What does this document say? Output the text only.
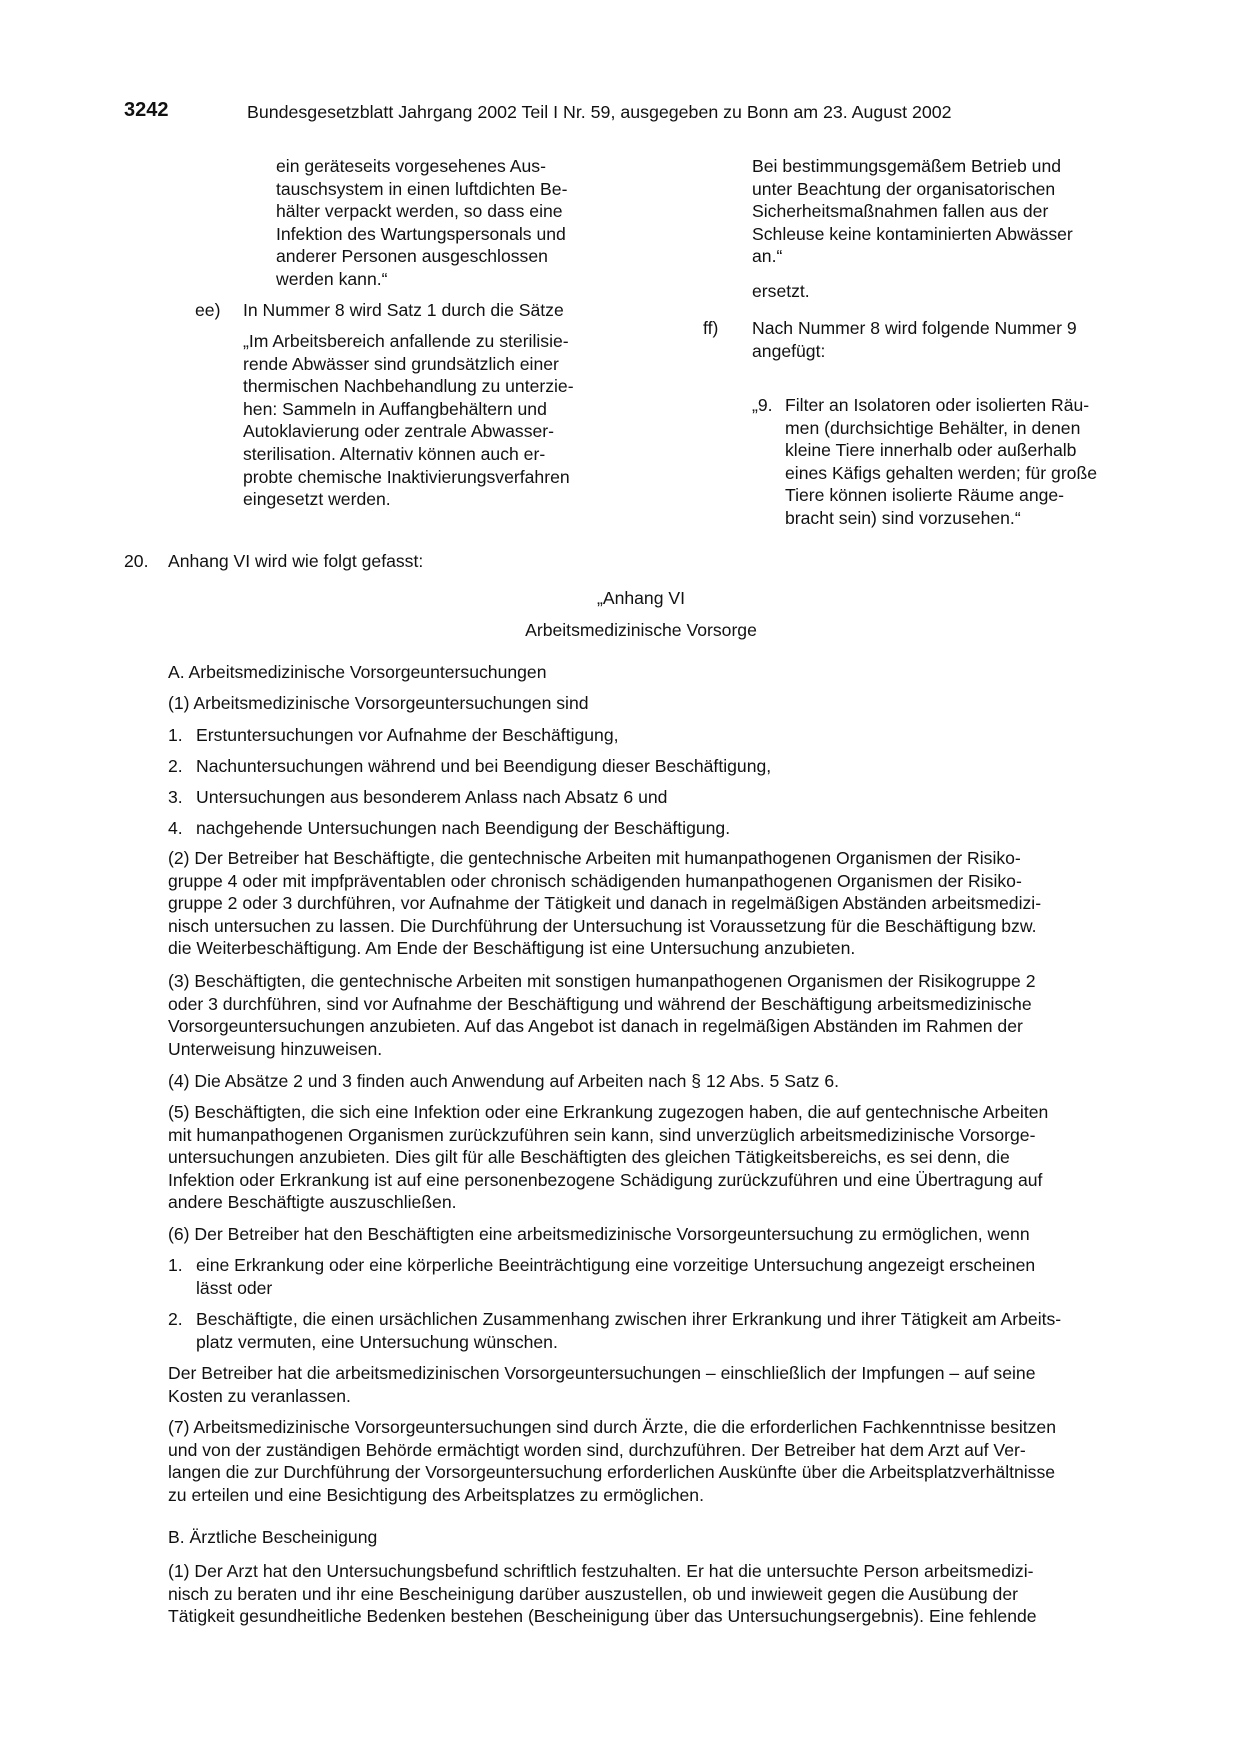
3242	Bundesgesetzblatt Jahrgang 2002 Teil I Nr. 59, ausgegeben zu Bonn am 23. August 2002
ein geräteseits vorgesehenes Aus-
tauschsystem in einen luftdichten Be-
hälter verpackt werden, so dass eine
Infektion des Wartungspersonals und
anderer Personen ausgeschlossen
werden kann.“
ee) In Nummer 8 wird Satz 1 durch die Sätze
„Im Arbeitsbereich anfallende zu sterilisie-
rende Abwässer sind grundsätzlich einer
thermischen Nachbehandlung zu unterzie-
hen: Sammeln in Auffangbehältern und
Autoklavierung oder zentrale Abwasser-
sterilisation. Alternativ können auch er-
probte chemische Inaktivierungsverfahren
eingesetzt werden.
Bei bestimmungsgemäßem Betrieb und
unter Beachtung der organisatorischen
Sicherheitsmaßnahmen fallen aus der
Schleuse keine kontaminierten Abwässer
an.“
ersetzt.
ff) Nach Nummer 8 wird folgende Nummer 9
angefügt:
„9. Filter an Isolatoren oder isolierten Räu-
men (durchsichtige Behälter, in denen
kleine Tiere innerhalb oder außerhalb
eines Käfigs gehalten werden; für große
Tiere können isolierte Räume ange-
bracht sein) sind vorzusehen.“
20. Anhang VI wird wie folgt gefasst:
„Anhang VI
Arbeitsmedizinische Vorsorge
A. Arbeitsmedizinische Vorsorgeuntersuchungen
(1) Arbeitsmedizinische Vorsorgeuntersuchungen sind
1. Erstuntersuchungen vor Aufnahme der Beschäftigung,
2. Nachuntersuchungen während und bei Beendigung dieser Beschäftigung,
3. Untersuchungen aus besonderem Anlass nach Absatz 6 und
4. nachgehende Untersuchungen nach Beendigung der Beschäftigung.
(2) Der Betreiber hat Beschäftigte, die gentechnische Arbeiten mit humanpathogenen Organismen der Risiko-
gruppe 4 oder mit impfpräventablen oder chronisch schädigenden humanpathogenen Organismen der Risiko-
gruppe 2 oder 3 durchführen, vor Aufnahme der Tätigkeit und danach in regelmäßigen Abständen arbeitsmedizi-
nisch untersuchen zu lassen. Die Durchführung der Untersuchung ist Voraussetzung für die Beschäftigung bzw.
die Weiterbeschäftigung. Am Ende der Beschäftigung ist eine Untersuchung anzubieten.
(3) Beschäftigten, die gentechnische Arbeiten mit sonstigen humanpathogenen Organismen der Risikogruppe 2
oder 3 durchführen, sind vor Aufnahme der Beschäftigung und während der Beschäftigung arbeitsmedizinische
Vorsorgeuntersuchungen anzubieten. Auf das Angebot ist danach in regelmäßigen Abständen im Rahmen der
Unterweisung hinzuweisen.
(4) Die Absätze 2 und 3 finden auch Anwendung auf Arbeiten nach § 12 Abs. 5 Satz 6.
(5) Beschäftigten, die sich eine Infektion oder eine Erkrankung zugezogen haben, die auf gentechnische Arbeiten
mit humanpathogenen Organismen zurückzuführen sein kann, sind unverzüglich arbeitsmedizinische Vorsorge-
untersuchungen anzubieten. Dies gilt für alle Beschäftigten des gleichen Tätigkeitsbereichs, es sei denn, die
Infektion oder Erkrankung ist auf eine personenbezogene Schädigung zurückzuführen und eine Übertragung auf
andere Beschäftigte auszuschließen.
(6) Der Betreiber hat den Beschäftigten eine arbeitsmedizinische Vorsorgeuntersuchung zu ermöglichen, wenn
1. eine Erkrankung oder eine körperliche Beeinträchtigung eine vorzeitige Untersuchung angezeigt erscheinen
lässt oder
2. Beschäftigte, die einen ursächlichen Zusammenhang zwischen ihrer Erkrankung und ihrer Tätigkeit am Arbeits-
platz vermuten, eine Untersuchung wünschen.
Der Betreiber hat die arbeitsmedizinischen Vorsorgeuntersuchungen – einschließlich der Impfungen – auf seine
Kosten zu veranlassen.
(7) Arbeitsmedizinische Vorsorgeuntersuchungen sind durch Ärzte, die die erforderlichen Fachkenntnisse besitzen
und von der zuständigen Behörde ermächtigt worden sind, durchzuführen. Der Betreiber hat dem Arzt auf Ver-
langen die zur Durchführung der Vorsorgeuntersuchung erforderlichen Auskünfte über die Arbeitsplatzverhältnisse
zu erteilen und eine Besichtigung des Arbeitsplatzes zu ermöglichen.
B. Ärztliche Bescheinigung
(1) Der Arzt hat den Untersuchungsbefund schriftlich festzuhalten. Er hat die untersuchte Person arbeitsmedizi-
nisch zu beraten und ihr eine Bescheinigung darüber auszustellen, ob und inwieweit gegen die Ausübung der
Tätigkeit gesundheitliche Bedenken bestehen (Bescheinigung über das Untersuchungsergebnis). Eine fehlende
